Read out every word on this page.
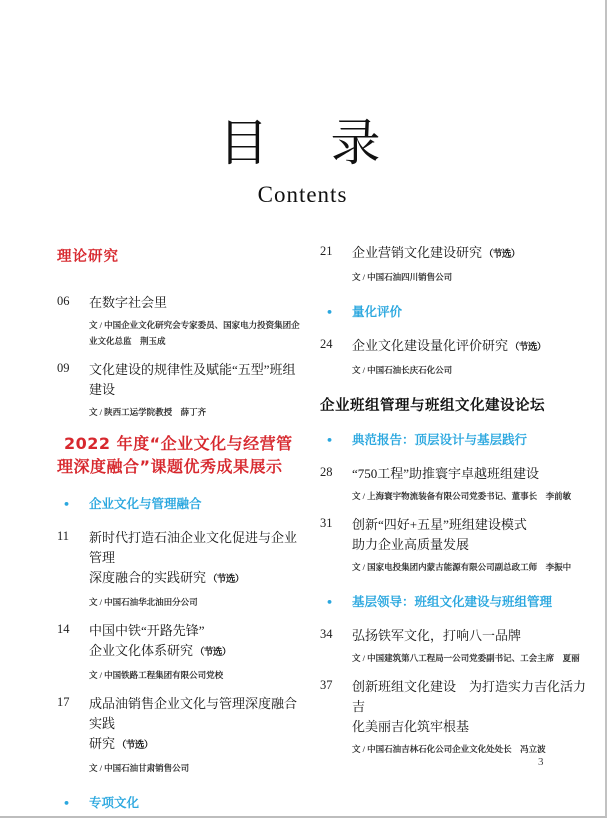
目　录
Contents
理论研究
06	在数字社会里
文 / 中国企业文化研究会专家委员、国家电力投资集团企业文化总监　荆玉成
09	文化建设的规律性及赋能“五型”班组建设
文 / 陕西工运学院教授　薛丁齐
2022 年度“企业文化与经营管理深度融合”课题优秀成果展示
•	企业文化与管理融合
11	新时代打造石油企业文化促进与企业管理
深度融合的实践研究 （节选）
文 / 中国石油华北油田分公司
14	中国中铁“开路先锋”
企业文化体系研究 （节选）
文 / 中国铁路工程集团有限公司党校
17	成品油销售企业文化与管理深度融合实践
研究 （节选）
文 / 中国石油甘肃销售公司
•	专项文化
21	企业营销文化建设研究 （节选）
文 / 中国石油四川销售公司
•	量化评价
24	企业文化建设量化评价研究 （节选）
文 / 中国石油长庆石化公司
企业班组管理与班组文化建设论坛
•	典范报告：顶层设计与基层践行
28	“750工程”助推寰宇卓越班组建设
文 / 上海寰宇物流装备有限公司党委书记、董事长　李前敏
31	创新“四好+五星”班组建设模式
助力企业高质量发展
文 / 国家电投集团内蒙古能源有限公司副总政工师　李振中
•	基层领导：班组文化建设与班组管理
34	弘扬铁军文化，打响八一品牌
文 / 中国建筑第八工程局一公司党委副书记、工会主席　夏丽
37	创新班组文化建设　为打造实力吉化活力吉
化美丽吉化筑牢根基
文 / 中国石油吉林石化公司企业文化处处长　冯立波
3
